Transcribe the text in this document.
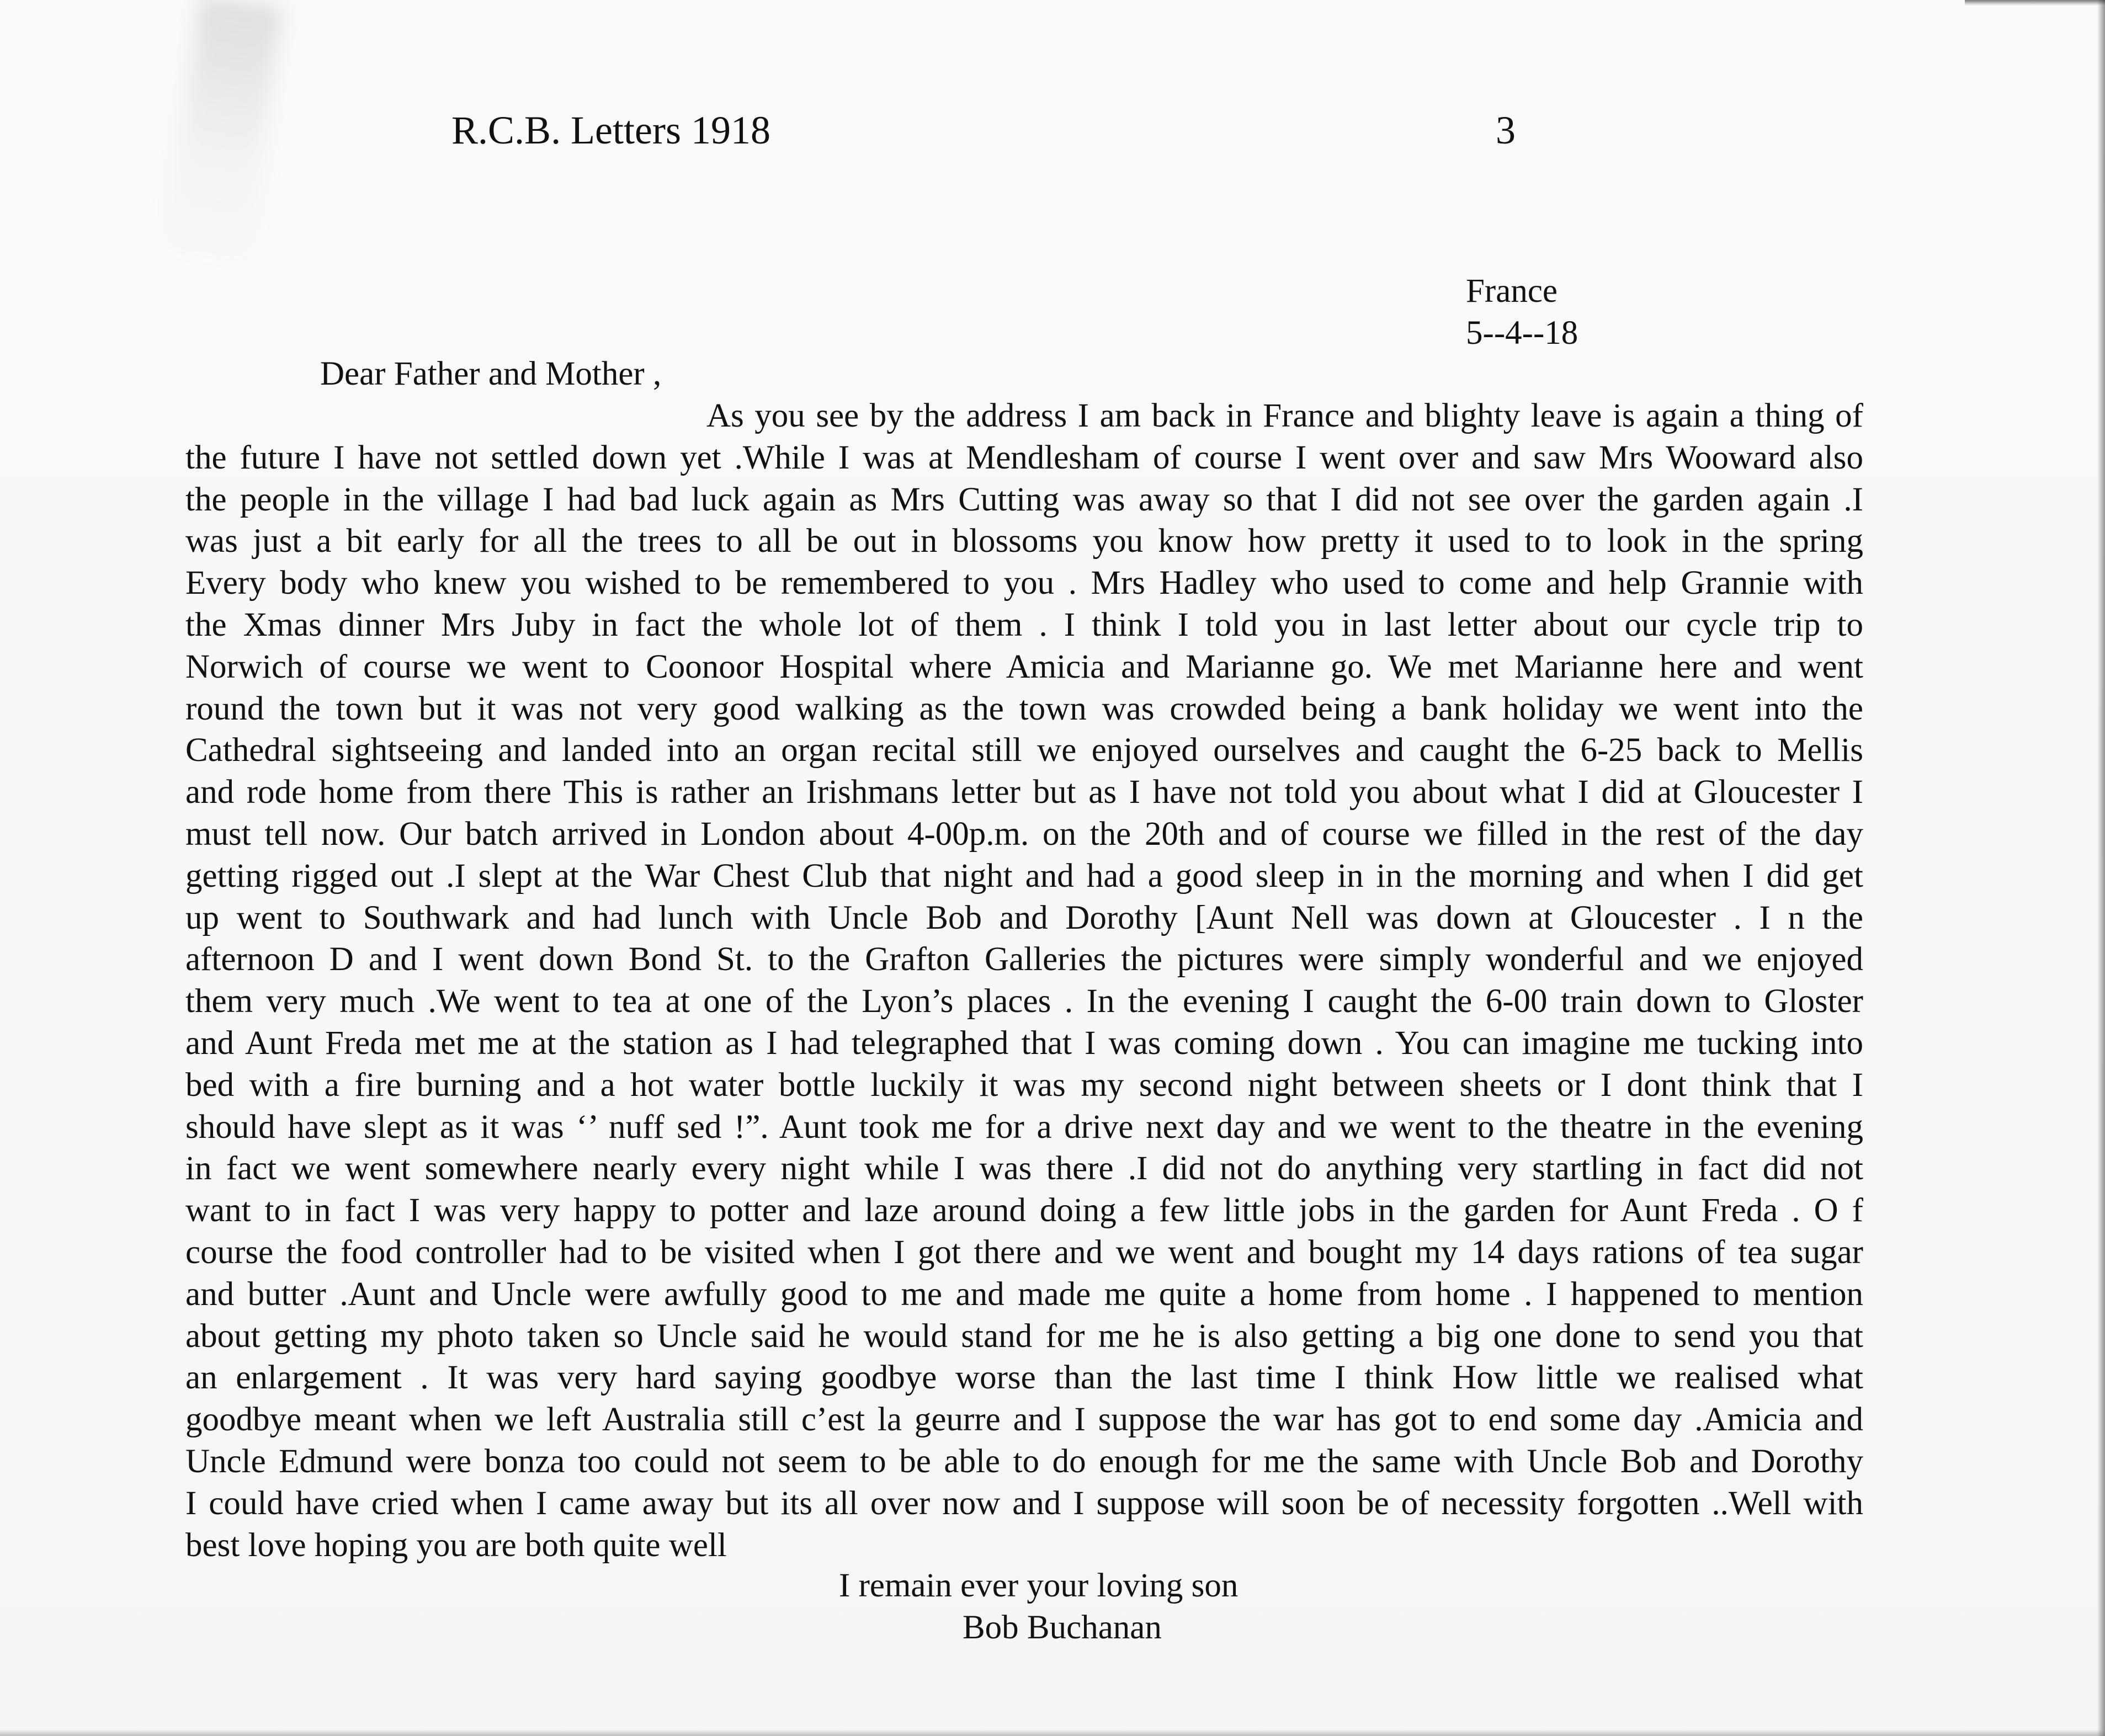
R.C.B. Letters 1918	3
France
5--4--18
Dear Father and Mother ,
As you see by the address I am back in France and blighty leave is again a thing of
the future I have not settled down yet .While I was at Mendlesham of course I went over and saw Mrs Wooward also
the people in the village I had bad luck again as Mrs Cutting was away so that I did not see over the garden again .I
was just a bit early for all the trees to all be out in blossoms you know how pretty it used to to look in the spring
Every body who knew you wished to be remembered to you . Mrs Hadley who used to come and help Grannie with
the Xmas dinner Mrs Juby in fact the whole lot of them . I think I told you in last letter about our cycle trip to
Norwich of course we went to Coonoor Hospital where Amicia and Marianne go. We met Marianne here and went
round the town but it was not very good walking as the town was crowded being a bank holiday we went into the
Cathedral sightseeing and landed into an organ recital still we enjoyed ourselves and caught the 6-25 back to Mellis
and rode home from there This is rather an Irishmans letter but as I have not told you about what I did at Gloucester I
must tell now. Our batch arrived in London about 4-00p.m. on the 20th and of course we filled in the rest of the day
getting rigged out .I slept at the War Chest Club that night and had a good sleep in in the morning and when I did get
up went to Southwark and had lunch with Uncle Bob and Dorothy [Aunt Nell was down at Gloucester . I n the
afternoon D and I went down Bond St. to the Grafton Galleries the pictures were simply wonderful and we enjoyed
them very much .We went to tea at one of the Lyon’s places . In the evening I caught the 6-00 train down to Gloster
and Aunt Freda met me at the station as I had telegraphed that I was coming down . You can imagine me tucking into
bed with a fire burning and a hot water bottle luckily it was my second night between sheets or I dont think that I
should have slept as it was ‘’ nuff sed !”. Aunt took me for a drive next day and we went to the theatre in the evening
in fact we went somewhere nearly every night while I was there .I did not do anything very startling in fact did not
want to in fact I was very happy to potter and laze around doing a few little jobs in the garden for Aunt Freda . O f
course the food controller had to be visited when I got there and we went and bought my 14 days rations of tea sugar
and butter .Aunt and Uncle were awfully good to me and made me quite a home from home . I happened to mention
about getting my photo taken so Uncle said he would stand for me he is also getting a big one done to send you that
an enlargement . It was very hard saying goodbye worse than the last time I think How little we realised what
goodbye meant when we left Australia still c’est la geurre and I suppose the war has got to end some day .Amicia and
Uncle Edmund were bonza too could not seem to be able to do enough for me the same with Uncle Bob and Dorothy
I could have cried when I came away but its all over now and I suppose will soon be of necessity forgotten ..Well with
best love hoping you are both quite well
I remain ever your loving son
Bob Buchanan
